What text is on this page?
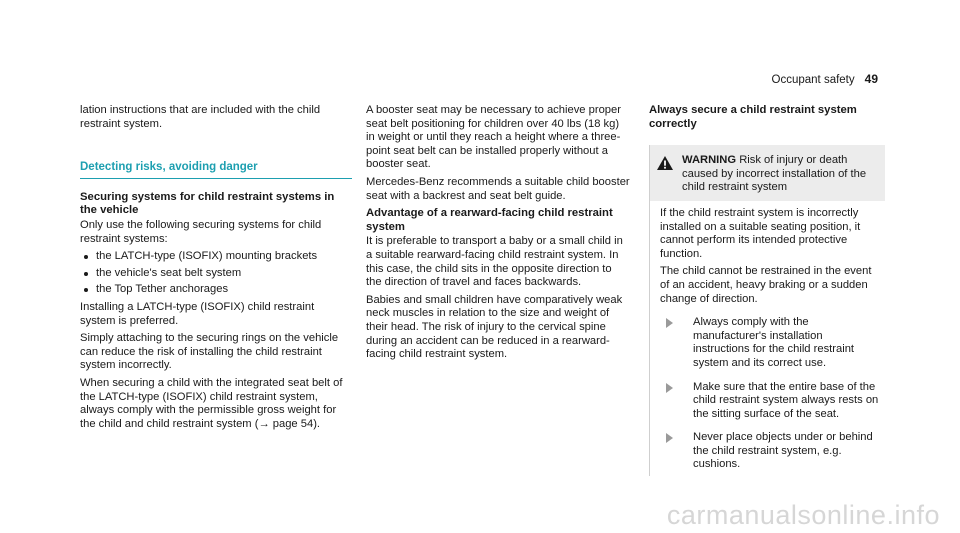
Occupant safety 49

lation instructions that are included with the child restraint system.

Detecting risks, avoiding danger
Securing systems for child restraint systems in the vehicle

Only use the following securing systems for child restraint systems:

the LATCH-type (ISOFIX) mounting brackets
the vehicle's seat belt system
the Top Tether anchorages

Installing a LATCH-type (ISOFIX) child restraint system is preferred.

Simply attaching to the securing rings on the vehicle can reduce the risk of installing the child restraint system incorrectly.

When securing a child with the integrated seat belt of the LATCH-type (ISOFIX) child restraint system, always comply with the permissible gross weight for the child and child restraint system (→ page 54).

A booster seat may be necessary to achieve proper seat belt positioning for children over 40 lbs (18 kg) in weight or until they reach a height where a three-point seat belt can be installed properly without a booster seat.

Mercedes-Benz recommends a suitable child booster seat with a backrest and seat belt guide.

Advantage of a rearward-facing child restraint system

It is preferable to transport a baby or a small child in a suitable rearward-facing child restraint system. In this case, the child sits in the opposite direction to the direction of travel and faces backwards.

Babies and small children have comparatively weak neck muscles in relation to the size and weight of their head. The risk of injury to the cervical spine during an accident can be reduced in a rearward-facing child restraint system.

Always secure a child restraint system correctly
WARNING Risk of injury or death caused by incorrect installation of the child restraint system

If the child restraint system is incorrectly installed on a suitable seating position, it cannot perform its intended protective function.

The child cannot be restrained in the event of an accident, heavy braking or a sudden change of direction.

Always comply with the manufacturer's installation instructions for the child restraint system and its correct use.
Make sure that the entire base of the child restraint system always rests on the sitting surface of the seat.
Never place objects under or behind the child restraint system, e.g. cushions.
carmanualsonline.info
